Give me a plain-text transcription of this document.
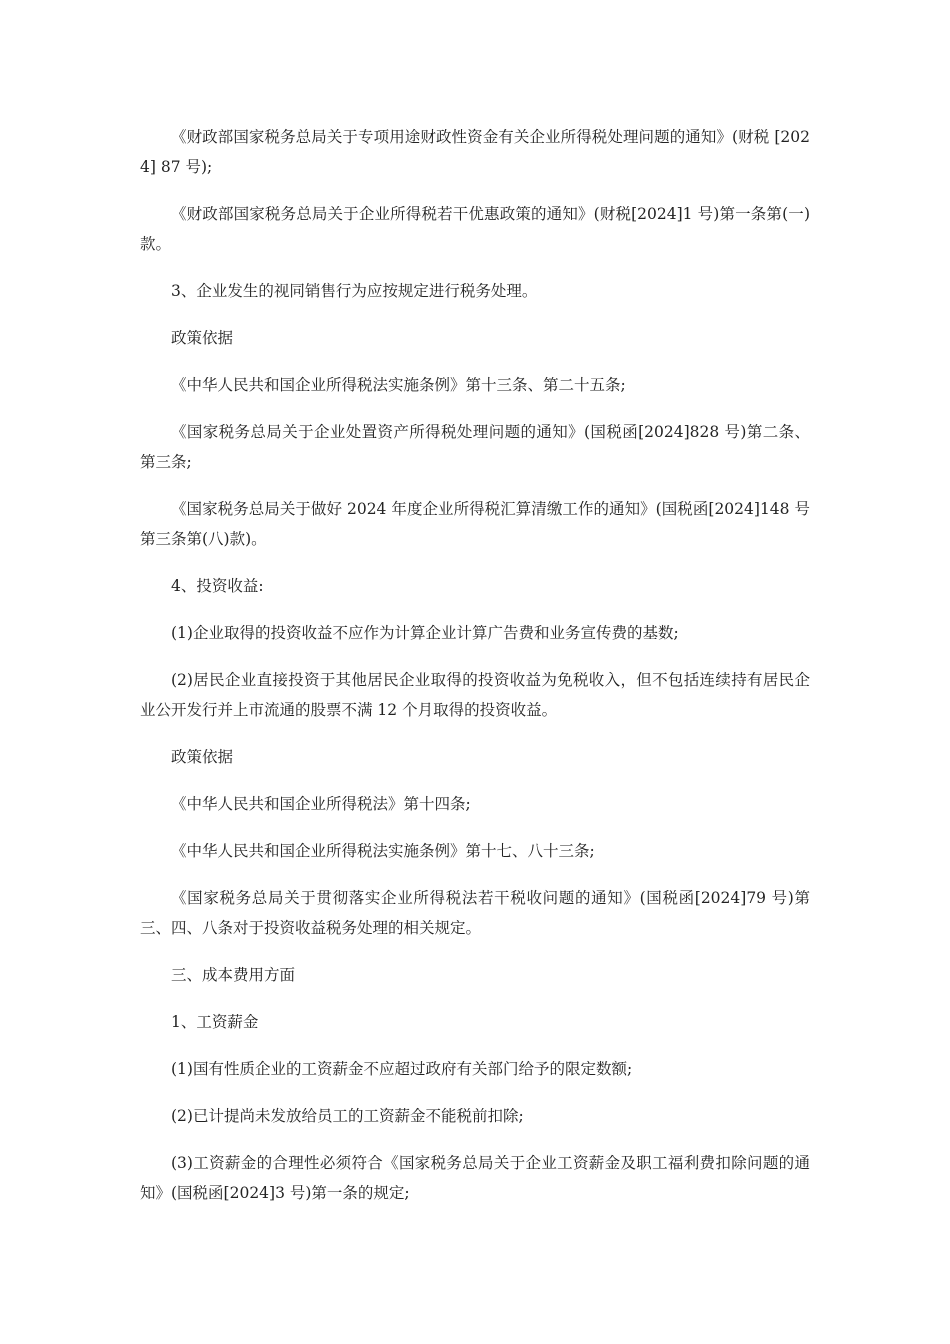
《财政部国家税务总局关于专项用途财政性资金有关企业所得税处理问题的通知》(财税 [2024] 87 号);

《财政部国家税务总局关于企业所得税若干优惠政策的通知》(财税[2024]1 号)第一条第(一)款。

3、企业发生的视同销售行为应按规定进行税务处理。

政策依据

《中华人民共和国企业所得税法实施条例》第十三条、第二十五条;

《国家税务总局关于企业处置资产所得税处理问题的通知》(国税函[2024]828 号)第二条、第三条;

《国家税务总局关于做好 2024 年度企业所得税汇算清缴工作的通知》(国税函[2024]148 号第三条第(八)款)。

4、投资收益:

(1)企业取得的投资收益不应作为计算企业计算广告费和业务宣传费的基数;

(2)居民企业直接投资于其他居民企业取得的投资收益为免税收入，但不包括连续持有居民企业公开发行并上市流通的股票不满 12 个月取得的投资收益。

政策依据

《中华人民共和国企业所得税法》第十四条;

《中华人民共和国企业所得税法实施条例》第十七、八十三条;

《国家税务总局关于贯彻落实企业所得税法若干税收问题的通知》(国税函[2024]79 号)第三、四、八条对于投资收益税务处理的相关规定。

三、成本费用方面

1、工资薪金

(1)国有性质企业的工资薪金不应超过政府有关部门给予的限定数额;

(2)已计提尚未发放给员工的工资薪金不能税前扣除;

(3)工资薪金的合理性必须符合《国家税务总局关于企业工资薪金及职工福利费扣除问题的通知》(国税函[2024]3 号)第一条的规定;
